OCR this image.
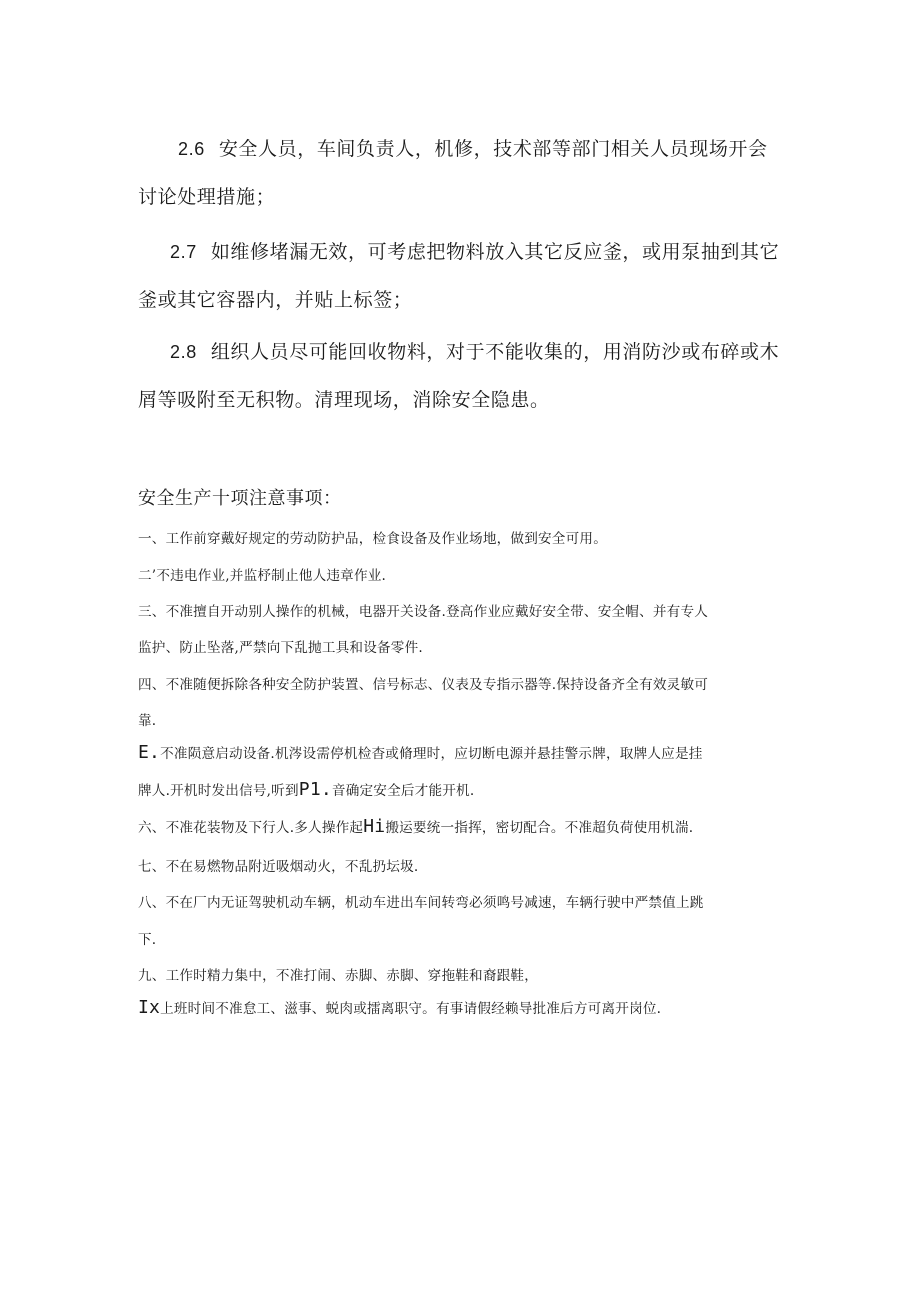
2.6 安全人员，车间负责人，机修，技术部等部门相关人员现场开会
讨论处理措施；
2.7 如维修堵漏无效，可考虑把物料放入其它反应釜，或用泵抽到其它
釜或其它容器内，并贴上标签；
2.8 组织人员尽可能回收物料，对于不能收集的，用消防沙或布碎或木
屑等吸附至无积物。清理现场，消除安全隐患。
安全生产十项注意事项：
一、工作前穿戴好规定的劳动防护品，检食设备及作业场地，做到安全可用。
二’不违电作业,并监杼制止他人违章作业.
三、不准擅自开动别人操作的机械，电器开关设备.登高作业应戴好安全带、安全帽、并有专人
监护、防止坠落,严禁向下乱抛工具和设备零件.
四、不准随便拆除各种安全防护装置、信号标志、仪表及专指示器等.保持设备齐全有效灵敏可
靠.
E.不准陨意启动设备.机涔设需停机检杳或脩理时，应切断电源并悬挂警示牌，取牌人应是挂
牌人.开机时发出信号,听到P1.音确定安全后才能开机.
六、不准花装物及下行人.多人操作起Hi搬运要统一指挥，密切配合。不准超负荷使用机湍.
七、不在易燃物品附近吸烟动火，不乱扔坛圾.
八、不在厂内无证驾驶机动车辆，机动车进出车间转弯必须鸣号减速，车辆行驶中严禁值上跳
下.
九、工作时精力集中，不准打闹、赤脚、赤脚、穿拖鞋和裔跟鞋，
Ix上班时间不准怠工、滋事、蜕肉或擂离职守。有事请假经赖导批准后方可离开岗位.
